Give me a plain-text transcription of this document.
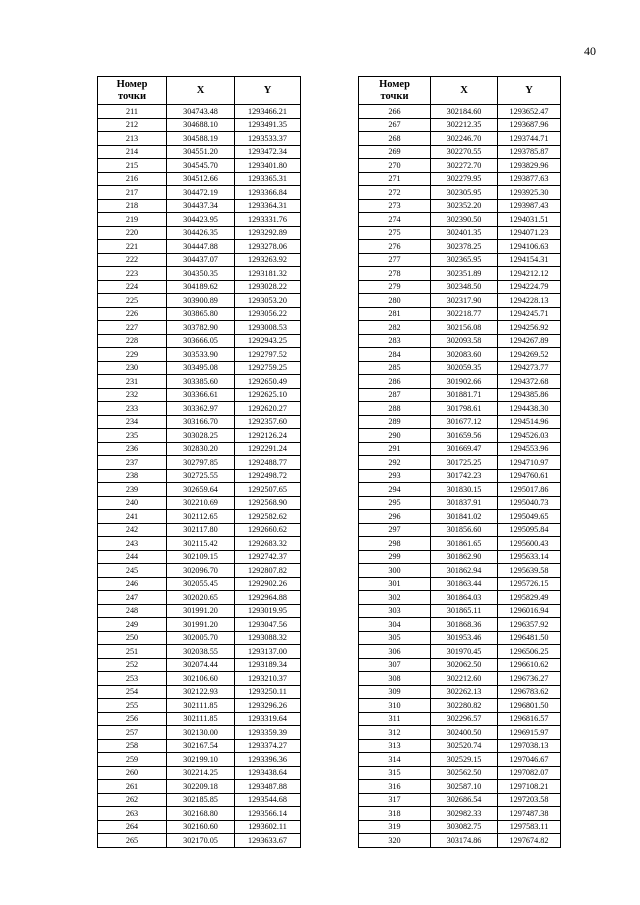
40
Номер
точки	X	Y
211	304743.48	1293466.21
212	304688.10	1293491.35
213	304588.19	1293533.37
214	304551.20	1293472.34
215	304545.70	1293401.80
216	304512.66	1293365.31
217	304472.19	1293366.84
218	304437.34	1293364.31
219	304423.95	1293331.76
220	304426.35	1293292.89
221	304447.88	1293278.06
222	304437.07	1293263.92
223	304350.35	1293181.32
224	304189.62	1293028.22
225	303900.89	1293053.20
226	303865.80	1293056.22
227	303782.90	1293008.53
228	303666.05	1292943.25
229	303533.90	1292797.52
230	303495.08	1292759.25
231	303385.60	1292650.49
232	303366.61	1292625.10
233	303362.97	1292620.27
234	303166.70	1292357.60
235	303028.25	1292126.24
236	302830.20	1292291.24
237	302797.85	1292488.77
238	302725.55	1292498.72
239	302659.64	1292507.65
240	302210.69	1292568.90
241	302112.65	1292582.62
242	302117.80	1292660.62
243	302115.42	1292683.32
244	302109.15	1292742.37
245	302096.70	1292807.82
246	302055.45	1292902.26
247	302020.65	1292964.88
248	301991.20	1293019.95
249	301991.20	1293047.56
250	302005.70	1293088.32
251	302038.55	1293137.00
252	302074.44	1293189.34
253	302106.60	1293210.37
254	302122.93	1293250.11
255	302111.85	1293296.26
256	302111.85	1293319.64
257	302130.00	1293359.39
258	302167.54	1293374.27
259	302199.10	1293396.36
260	302214.25	1293438.64
261	302209.18	1293487.88
262	302185.85	1293544.68
263	302168.80	1293566.14
264	302160.60	1293602.11
265	302170.05	1293633.67
Номер
точки	X	Y
266	302184.60	1293652.47
267	302212.35	1293687.96
268	302246.70	1293744.71
269	302270.55	1293785.87
270	302272.70	1293829.96
271	302279.95	1293877.63
272	302305.95	1293925.30
273	302352.20	1293987.43
274	302390.50	1294031.51
275	302401.35	1294071.23
276	302378.25	1294106.63
277	302365.95	1294154.31
278	302351.89	1294212.12
279	302348.50	1294224.79
280	302317.90	1294228.13
281	302218.77	1294245.71
282	302156.08	1294256.92
283	302093.58	1294267.89
284	302083.60	1294269.52
285	302059.35	1294273.77
286	301902.66	1294372.68
287	301881.71	1294385.86
288	301798.61	1294438.30
289	301677.12	1294514.96
290	301659.56	1294526.03
291	301669.47	1294553.96
292	301725.25	1294710.97
293	301742.23	1294760.61
294	301830.15	1295017.86
295	301837.91	1295040.73
296	301841.02	1295049.65
297	301856.60	1295095.84
298	301861.65	1295600.43
299	301862.90	1295633.14
300	301862.94	1295639.58
301	301863.44	1295726.15
302	301864.03	1295829.49
303	301865.11	1296016.94
304	301868.36	1296357.92
305	301953.46	1296481.50
306	301970.45	1296506.25
307	302062.50	1296610.62
308	302212.60	1296736.27
309	302262.13	1296783.62
310	302280.82	1296801.50
311	302296.57	1296816.57
312	302400.50	1296915.97
313	302520.74	1297038.13
314	302529.15	1297046.67
315	302562.50	1297082.07
316	302587.10	1297108.21
317	302686.54	1297203.58
318	302982.33	1297487.38
319	303082.75	1297583.11
320	303174.86	1297674.82
